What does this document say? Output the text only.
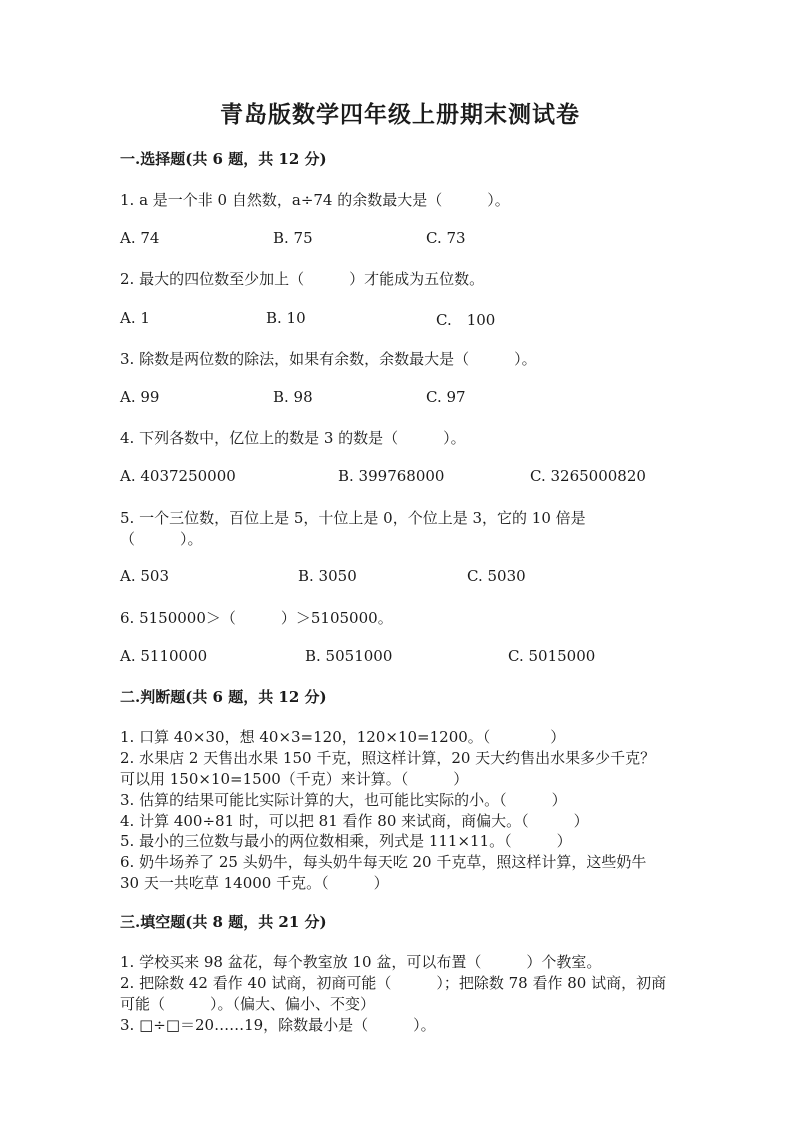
青岛版数学四年级上册期末测试卷
一.选择题(共 6 题，共 12 分)
1. a 是一个非 0 自然数，a÷74 的余数最大是（　　　）。
A. 74	B. 75	C. 73
2. 最大的四位数至少加上（　　　）才能成为五位数。
A. 1	B. 10	C.　100
3. 除数是两位数的除法，如果有余数，余数最大是（　　　）。
A. 99	B. 98	C. 97
4. 下列各数中，亿位上的数是 3 的数是（　　　）。
A. 4037250000	B. 399768000	C. 3265000820
5. 一个三位数，百位上是 5，十位上是 0，个位上是 3，它的 10 倍是
（　　　）。
A. 503	B. 3050	C. 5030
6. 5150000＞（　　　）＞5105000。
A. 5110000	B. 5051000	C. 5015000
二.判断题(共 6 题，共 12 分)
1. 口算 40×30，想 40×3=120，120×10=1200。（　　　　）
2. 水果店 2 天售出水果 150 千克，照这样计算，20 天大约售出水果多少千克？
可以用 150×10=1500（千克）来计算。（　　　）
3. 估算的结果可能比实际计算的大，也可能比实际的小。（　　　）
4. 计算 400÷81 时，可以把 81 看作 80 来试商，商偏大。（　　　）
5. 最小的三位数与最小的两位数相乘，列式是 111×11。（　　　）
6. 奶牛场养了 25 头奶牛，每头奶牛每天吃 20 千克草，照这样计算，这些奶牛
30 天一共吃草 14000 千克。（　　　）
三.填空题(共 8 题，共 21 分)
1. 学校买来 98 盆花，每个教室放 10 盆，可以布置（　　　）个教室。
2. 把除数 42 看作 40 试商，初商可能（　　　）；把除数 78 看作 80 试商，初商
可能（　　　）。（偏大、偏小、不变）
3. □÷□＝20……19，除数最小是（　　　）。
